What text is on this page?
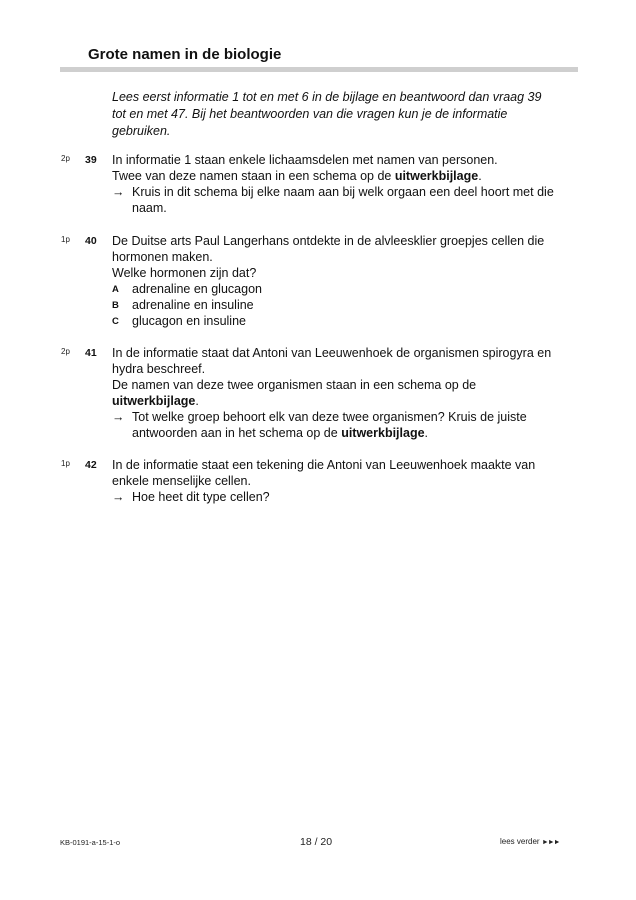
Grote namen in de biologie
Lees eerst informatie 1 tot en met 6 in de bijlage en beantwoord dan vraag 39 tot en met 47. Bij het beantwoorden van die vragen kun je de informatie gebruiken.
2p 39 In informatie 1 staan enkele lichaamsdelen met namen van personen.

Twee van deze namen staan in een schema op de uitwerkbijlage.

→ Kruis in dit schema bij elke naam aan bij welk orgaan een deel hoort met die naam.

1p 40 De Duitse arts Paul Langerhans ontdekte in de alvleesklier groepjes cellen die hormonen maken.

Welke hormonen zijn dat?

A adrenaline en glucagon

B adrenaline en insuline

C glucagon en insuline

2p 41 In de informatie staat dat Antoni van Leeuwenhoek de organismen spirogyra en hydra beschreef.

De namen van deze twee organismen staan in een schema op de uitwerkbijlage.

→ Tot welke groep behoort elk van deze twee organismen? Kruis de juiste antwoorden aan in het schema op de uitwerkbijlage.

1p 42 In de informatie staat een tekening die Antoni van Leeuwenhoek maakte van enkele menselijke cellen.

→ Hoe heet dit type cellen?

KB-0191-a-15-1-o	18 / 20	lees verder ►►►
